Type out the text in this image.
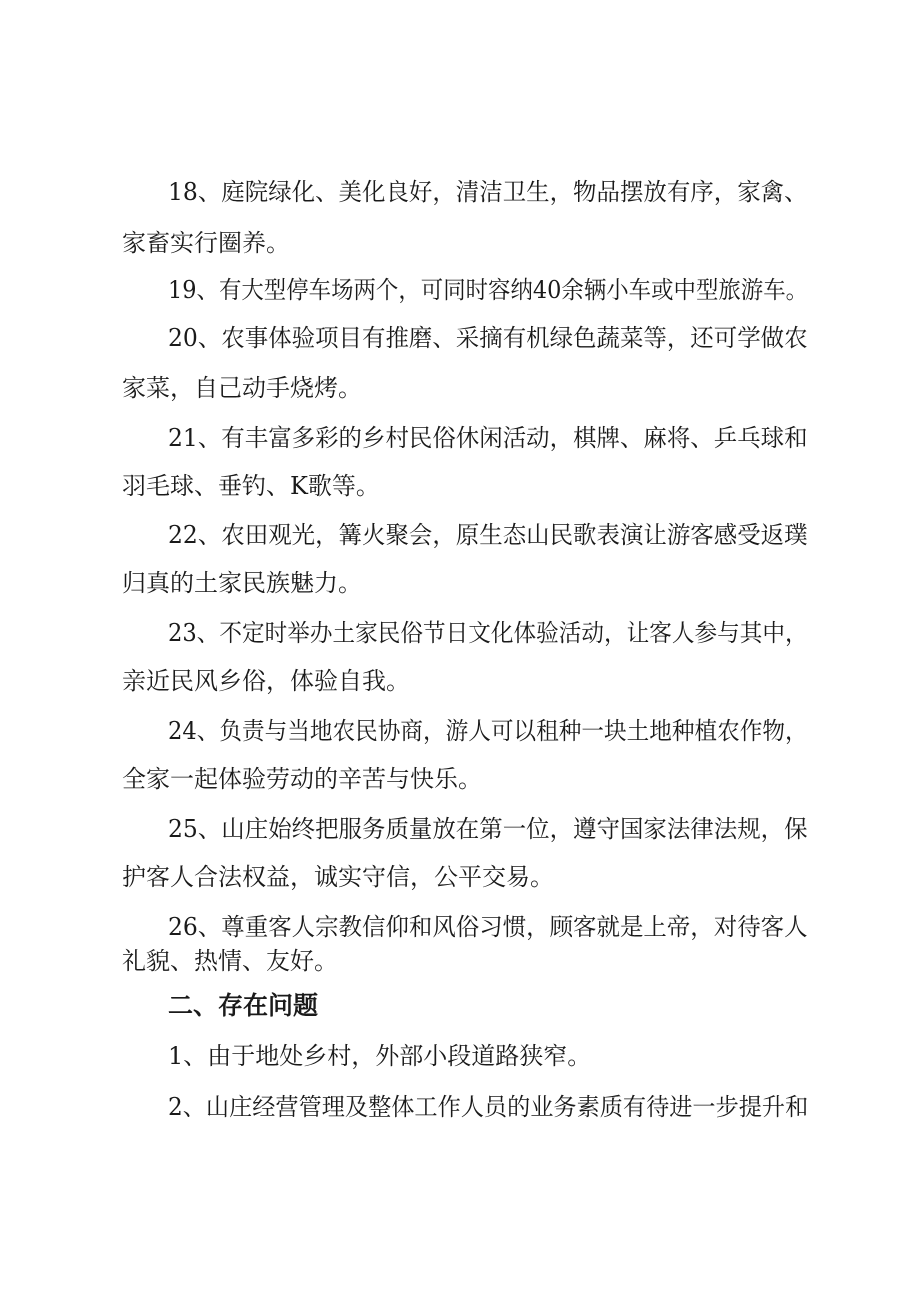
18、庭院绿化、美化良好，清洁卫生，物品摆放有序，家禽、
家畜实行圈养。
19、有大型停车场两个，可同时容纳40余辆小车或中型旅游车。
20、农事体验项目有推磨、采摘有机绿色蔬菜等，还可学做农
家菜，自己动手烧烤。
21、有丰富多彩的乡村民俗休闲活动，棋牌、麻将、乒乓球和
羽毛球、垂钓、K歌等。
22、农田观光，篝火聚会，原生态山民歌表演让游客感受返璞
归真的土家民族魅力。
23、不定时举办土家民俗节日文化体验活动，让客人参与其中，
亲近民风乡俗，体验自我。
24、负责与当地农民协商，游人可以租种一块土地种植农作物，
全家一起体验劳动的辛苦与快乐。
25、山庄始终把服务质量放在第一位，遵守国家法律法规，保
护客人合法权益，诚实守信，公平交易。
26、尊重客人宗教信仰和风俗习惯，顾客就是上帝，对待客人
礼貌、热情、友好。
二、存在问题
1、由于地处乡村，外部小段道路狭窄。
2、山庄经营管理及整体工作人员的业务素质有待进一步提升和
